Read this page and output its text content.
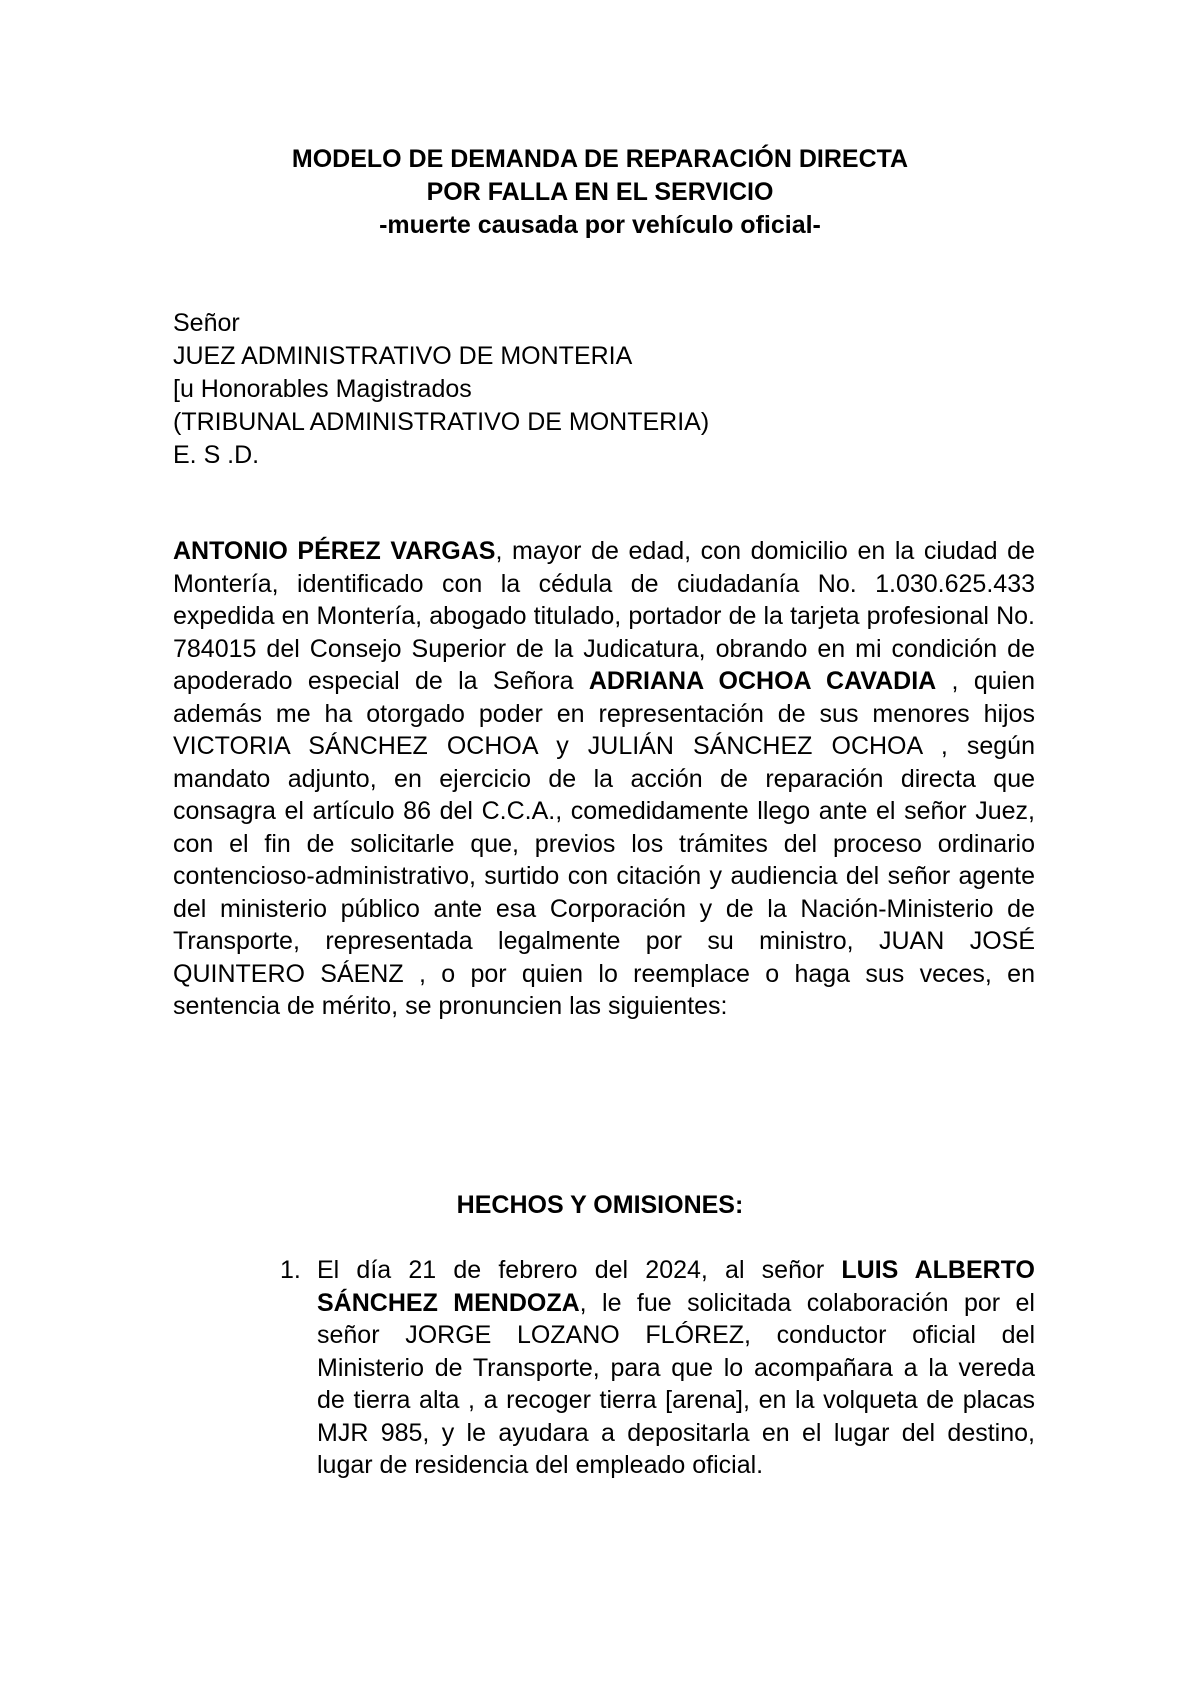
MODELO DE DEMANDA DE REPARACIÓN DIRECTA
POR FALLA EN EL SERVICIO
-muerte causada por vehículo oficial-
Señor
JUEZ ADMINISTRATIVO DE MONTERIA
[u Honorables Magistrados
(TRIBUNAL ADMINISTRATIVO DE MONTERIA)
E. S .D.

ANTONIO PÉREZ VARGAS, mayor de edad, con domicilio en la ciudad de Montería, identificado con la cédula de ciudadanía No. 1.030.625.433 expedida en Montería, abogado titulado, portador de la tarjeta profesional No. 784015 del Consejo Superior de la Judicatura, obrando en mi condición de apoderado especial de la Señora ADRIANA OCHOA CAVADIA , quien además me ha otorgado poder en representación de sus menores hijos VICTORIA SÁNCHEZ OCHOA y JULIÁN SÁNCHEZ OCHOA , según mandato adjunto, en ejercicio de la acción de reparación directa que consagra el artículo 86 del C.C.A., comedidamente llego ante el señor Juez, con el fin de solicitarle que, previos los trámites del proceso ordinario contencioso-administrativo, surtido con citación y audiencia del señor agente del ministerio público ante esa Corporación y de la Nación-Ministerio de Transporte, representada legalmente por su ministro, JUAN JOSÉ QUINTERO SÁENZ , o por quien lo reemplace o haga sus veces, en sentencia de mérito, se pronuncien las siguientes:

HECHOS Y OMISIONES:
1. El día 21 de febrero del 2024, al señor LUIS ALBERTO SÁNCHEZ MENDOZA, le fue solicitada colaboración por el señor JORGE LOZANO FLÓREZ, conductor oficial del Ministerio de Transporte, para que lo acompañara a la vereda de tierra alta , a recoger tierra [arena], en la volqueta de placas MJR 985, y le ayudara a depositarla en el lugar del destino, lugar de residencia del empleado oficial.
